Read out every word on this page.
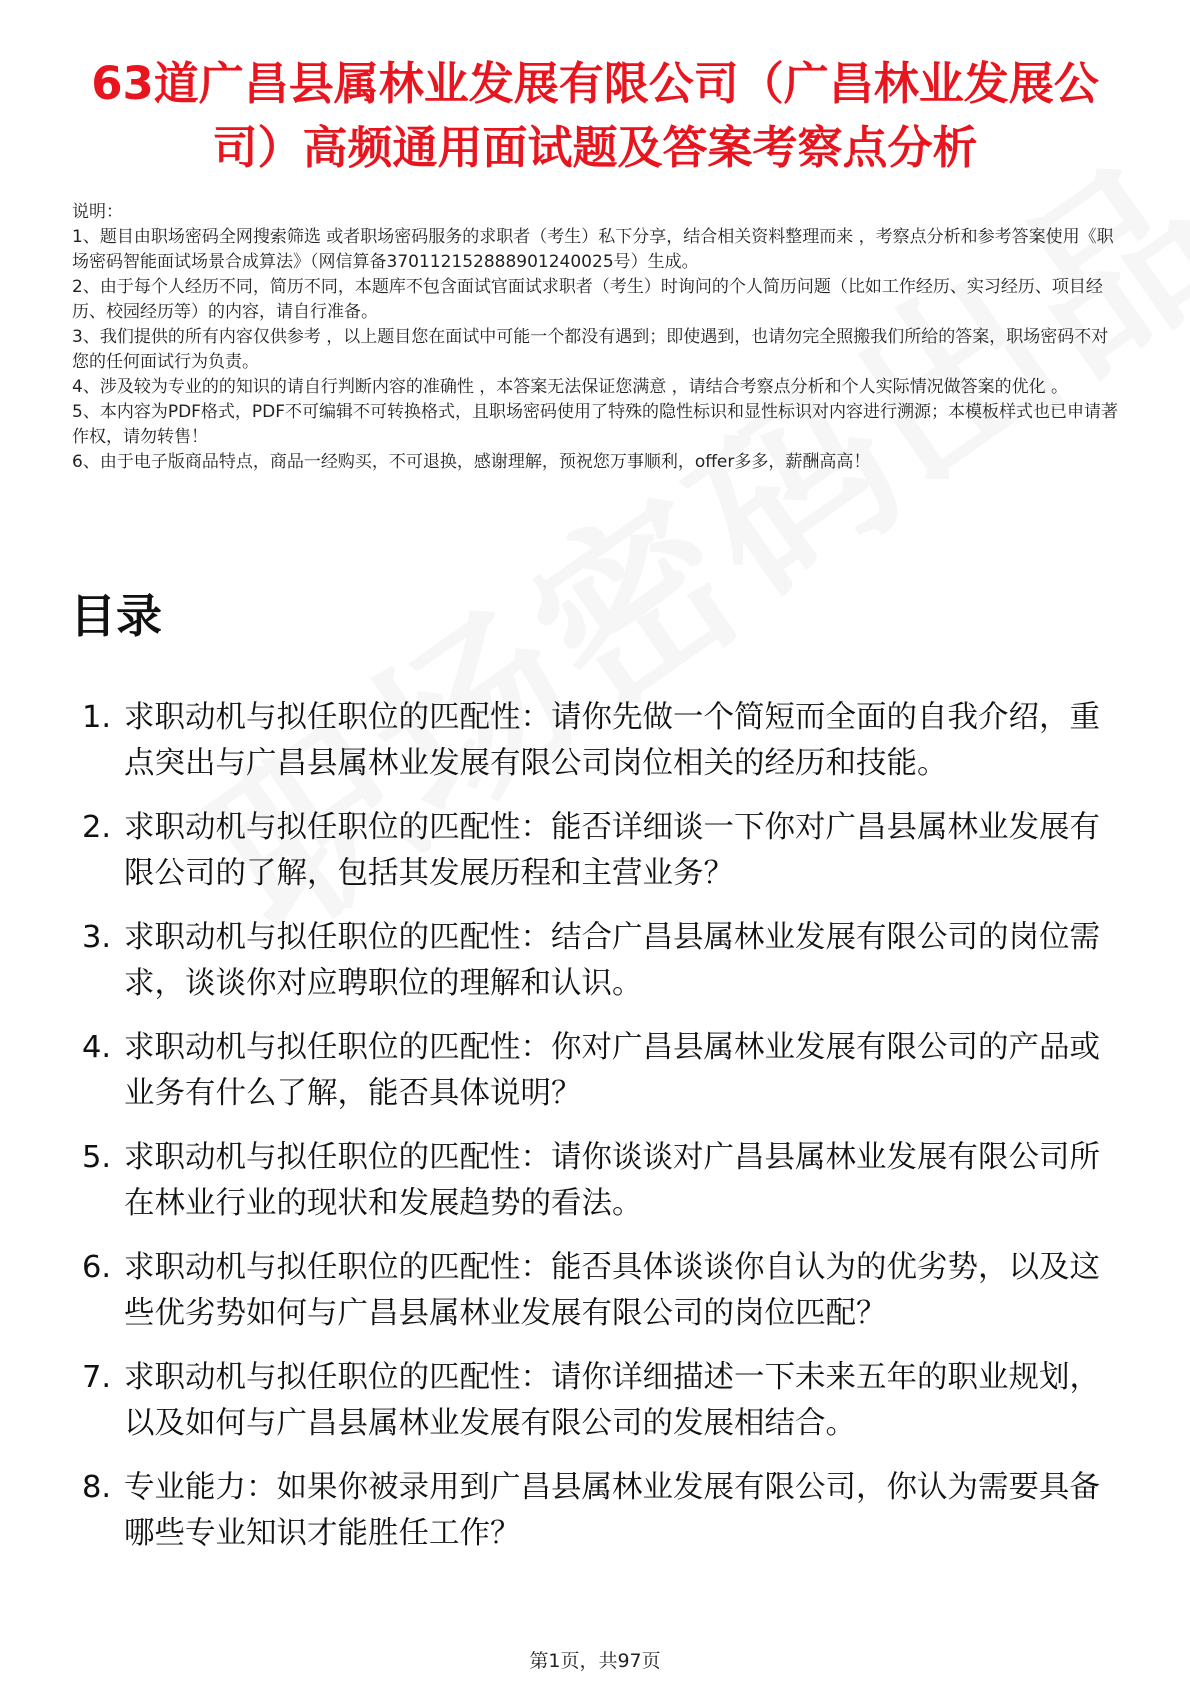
63道广昌县属林业发展有限公司（广昌林业发展公司）高频通用面试题及答案考察点分析

说明：

1、题目由职场密码全网搜索筛选 或者职场密码服务的求职者（考生）私下分享，结合相关资料整理而来 ，考察点分析和参考答案使用《职场密码智能面试场景合成算法》（网信算备370112152888901240025号）生成。

2、由于每个人经历不同，简历不同，本题库不包含面试官面试求职者（考生）时询问的个人简历问题（比如工作经历、实习经历、项目经历、校园经历等）的内容，请自行准备。

3、我们提供的所有内容仅供参考 ，以上题目您在面试中可能一个都没有遇到；即使遇到，也请勿完全照搬我们所给的答案，职场密码不对您的任何面试行为负责。

4、涉及较为专业的的知识的请自行判断内容的准确性 ，本答案无法保证您满意 ，请结合考察点分析和个人实际情况做答案的优化 。

5、本内容为PDF格式，PDF不可编辑不可转换格式，且职场密码使用了特殊的隐性标识和显性标识对内容进行溯源；本模板样式也已申请著作权，请勿转售！

6、由于电子版商品特点，商品一经购买，不可退换，感谢理解，预祝您万事顺利，offer多多，薪酬高高！

目录
1. 求职动机与拟任职位的匹配性：请你先做一个简短而全面的自我介绍，重点突出与广昌县属林业发展有限公司岗位相关的经历和技能。
2. 求职动机与拟任职位的匹配性：能否详细谈一下你对广昌县属林业发展有限公司的了解，包括其发展历程和主营业务？
3. 求职动机与拟任职位的匹配性：结合广昌县属林业发展有限公司的岗位需求，谈谈你对应聘职位的理解和认识。
4. 求职动机与拟任职位的匹配性：你对广昌县属林业发展有限公司的产品或业务有什么了解，能否具体说明？
5. 求职动机与拟任职位的匹配性：请你谈谈对广昌县属林业发展有限公司所在林业行业的现状和发展趋势的看法。
6. 求职动机与拟任职位的匹配性：能否具体谈谈你自认为的优劣势，以及这些优劣势如何与广昌县属林业发展有限公司的岗位匹配？
7. 求职动机与拟任职位的匹配性：请你详细描述一下未来五年的职业规划，以及如何与广昌县属林业发展有限公司的发展相结合。
8. 专业能力：如果你被录用到广昌县属林业发展有限公司，你认为需要具备哪些专业知识才能胜任工作？
第1页，共97页
